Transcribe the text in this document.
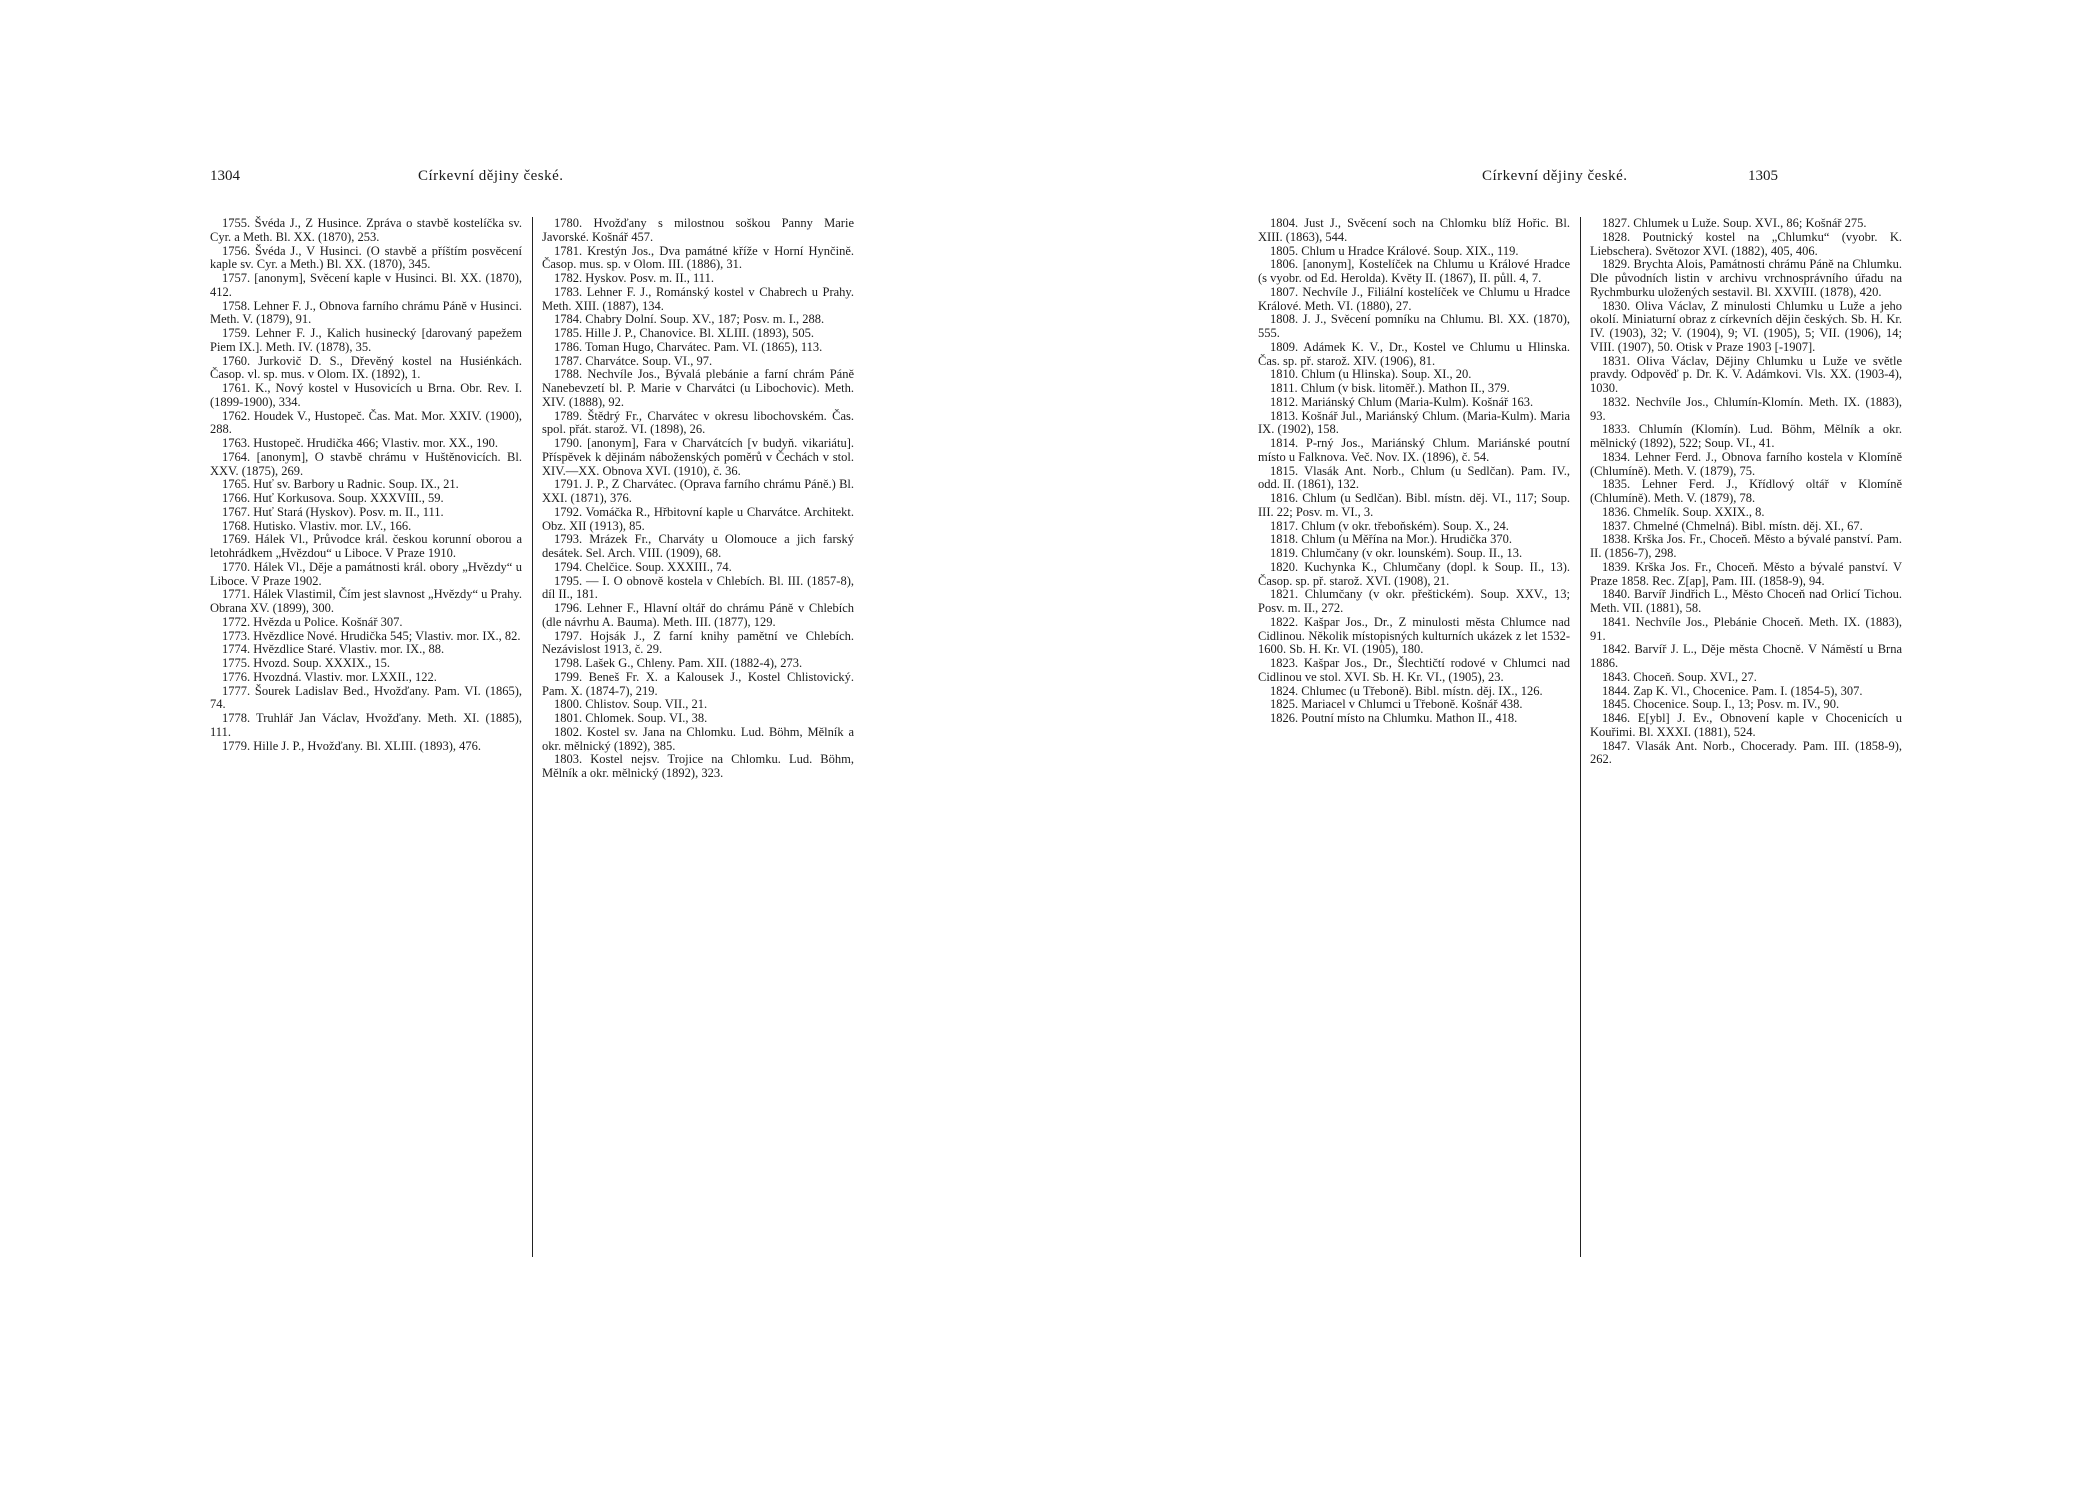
1304	Církevní dějiny české.

1755. Švéda J., Z Husince. Zpráva o stavbě kostelíčka sv. Cyr. a Meth. Bl. XX. (1870), 253.

1756. Švéda J., V Husinci. (O stavbě a příštím posvěcení kaple sv. Cyr. a Meth.) Bl. XX. (1870), 345.

1757. [anonym], Svěcení kaple v Husinci. Bl. XX. (1870), 412.

1758. Lehner F. J., Obnova farního chrámu Páně v Husinci. Meth. V. (1879), 91.

1759. Lehner F. J., Kalich husinecký [darovaný papežem Piem IX.]. Meth. IV. (1878), 35.

1760. Jurkovič D. S., Dřevěný kostel na Husiénkách. Časop. vl. sp. mus. v Olom. IX. (1892), 1.

1761. K., Nový kostel v Husovicích u Brna. Obr. Rev. I. (1899-1900), 334.

1762. Houdek V., Hustopeč. Čas. Mat. Mor. XXIV. (1900), 288.

1763. Hustopeč. Hrudička 466; Vlastiv. mor. XX., 190.

1764. [anonym], O stavbě chrámu v Huštěnovicích. Bl. XXV. (1875), 269.

1765. Huť sv. Barbory u Radnic. Soup. IX., 21.

1766. Huť Korkusova. Soup. XXXVIII., 59.

1767. Huť Stará (Hyskov). Posv. m. II., 111.

1768. Hutisko. Vlastiv. mor. LV., 166.

1769. Hálek Vl., Průvodce král. českou korunní oborou a letohrádkem „Hvězdou“ u Liboce. V Praze 1910.

1770. Hálek Vl., Děje a památnosti král. obory „Hvězdy“ u Liboce. V Praze 1902.

1771. Hálek Vlastimil, Čím jest slavnost „Hvězdy“ u Prahy. Obrana XV. (1899), 300.

1772. Hvězda u Police. Košnář 307.

1773. Hvězdlice Nové. Hrudička 545; Vlastiv. mor. IX., 82.

1774. Hvězdlice Staré. Vlastiv. mor. IX., 88.

1775. Hvozd. Soup. XXXIX., 15.

1776. Hvozdná. Vlastiv. mor. LXXII., 122.

1777. Šourek Ladislav Bed., Hvožďany. Pam. VI. (1865), 74.

1778. Truhlář Jan Václav, Hvožďany. Meth. XI. (1885), 111.

1779. Hille J. P., Hvožďany. Bl. XLIII. (1893), 476.

1780. Hvožďany s milostnou soškou Panny Marie Javorské. Košnář 457.

1781. Krestýn Jos., Dva památné kříže v Horní Hynčině. Časop. mus. sp. v Olom. III. (1886), 31.

1782. Hyskov. Posv. m. II., 111.

1783. Lehner F. J., Románský kostel v Chabrech u Prahy. Meth. XIII. (1887), 134.

1784. Chabry Dolní. Soup. XV., 187; Posv. m. I., 288.

1785. Hille J. P., Chanovice. Bl. XLIII. (1893), 505.

1786. Toman Hugo, Charvátec. Pam. VI. (1865), 113.

1787. Charvátce. Soup. VI., 97.

1788. Nechvíle Jos., Bývalá plebánie a farní chrám Páně Nanebevzetí bl. P. Marie v Charvátci (u Libochovic). Meth. XIV. (1888), 92.

1789. Štědrý Fr., Charvátec v okresu libochovském. Čas. spol. přát. starož. VI. (1898), 26.

1790. [anonym], Fara v Charvátcích [v budyň. vikariátu]. Příspěvek k dějinám náboženských poměrů v Čechách v stol. XIV.—XX. Obnova XVI. (1910), č. 36.

1791. J. P., Z Charvátec. (Oprava farního chrámu Páně.) Bl. XXI. (1871), 376.

1792. Vomáčka R., Hřbitovní kaple u Charvátce. Architekt. Obz. XII (1913), 85.

1793. Mrázek Fr., Charváty u Olomouce a jich farský desátek. Sel. Arch. VIII. (1909), 68.

1794. Chelčice. Soup. XXXIII., 74.

1795. — I. O obnově kostela v Chlebích. Bl. III. (1857-8), díl II., 181.

1796. Lehner F., Hlavní oltář do chrámu Páně v Chlebích (dle návrhu A. Bauma). Meth. III. (1877), 129.

1797. Hojsák J., Z farní knihy pamětní ve Chlebích. Nezávislost 1913, č. 29.

1798. Lašek G., Chleny. Pam. XII. (1882-4), 273.

1799. Beneš Fr. X. a Kalousek J., Kostel Chlistovický. Pam. X. (1874-7), 219.

1800. Chlistov. Soup. VII., 21.

1801. Chlomek. Soup. VI., 38.

1802. Kostel sv. Jana na Chlomku. Lud. Böhm, Mělník a okr. mělnický (1892), 385.

1803. Kostel nejsv. Trojice na Chlomku. Lud. Böhm, Mělník a okr. mělnický (1892), 323.

Církevní dějiny české.	1305

1804. Just J., Svěcení soch na Chlomku blíž Hořic. Bl. XIII. (1863), 544.

1805. Chlum u Hradce Králové. Soup. XIX., 119.

1806. [anonym], Kostelíček na Chlumu u Králové Hradce (s vyobr. od Ed. Herolda). Květy II. (1867), II. půll. 4, 7.

1807. Nechvíle J., Filiální kostelíček ve Chlumu u Hradce Králové. Meth. VI. (1880), 27.

1808. J. J., Svěcení pomníku na Chlumu. Bl. XX. (1870), 555.

1809. Adámek K. V., Dr., Kostel ve Chlumu u Hlinska. Čas. sp. př. starož. XIV. (1906), 81.

1810. Chlum (u Hlinska). Soup. XI., 20.

1811. Chlum (v bisk. litoměř.). Mathon II., 379.

1812. Mariánský Chlum (Maria-Kulm). Košnář 163.

1813. Košnář Jul., Mariánský Chlum. (Maria-Kulm). Maria IX. (1902), 158.

1814. P-rný Jos., Mariánský Chlum. Mariánské poutní místo u Falknova. Več. Nov. IX. (1896), č. 54.

1815. Vlasák Ant. Norb., Chlum (u Sedlčan). Pam. IV., odd. II. (1861), 132.

1816. Chlum (u Sedlčan). Bibl. místn. děj. VI., 117; Soup. III. 22; Posv. m. VI., 3.

1817. Chlum (v okr. třeboňském). Soup. X., 24.

1818. Chlum (u Měřína na Mor.). Hrudička 370.

1819. Chlumčany (v okr. lounském). Soup. II., 13.

1820. Kuchynka K., Chlumčany (dopl. k Soup. II., 13). Časop. sp. př. starož. XVI. (1908), 21.

1821. Chlumčany (v okr. přeštickém). Soup. XXV., 13; Posv. m. II., 272.

1822. Kašpar Jos., Dr., Z minulosti města Chlumce nad Cidlinou. Několik místopisných kulturních ukázek z let 1532-1600. Sb. H. Kr. VI. (1905), 180.

1823. Kašpar Jos., Dr., Šlechtičtí rodové v Chlumci nad Cidlinou ve stol. XVI. Sb. H. Kr. VI., (1905), 23.

1824. Chlumec (u Třeboně). Bibl. místn. děj. IX., 126.

1825. Mariacel v Chlumci u Třeboně. Košnář 438.

1826. Poutní místo na Chlumku. Mathon II., 418.

1827. Chlumek u Luže. Soup. XVI., 86; Košnář 275.

1828. Poutnický kostel na „Chlumku“ (vyobr. K. Liebschera). Světozor XVI. (1882), 405, 406.

1829. Brychta Alois, Památnosti chrámu Páně na Chlumku. Dle původních listin v archivu vrchnosprávního úřadu na Rychmburku uložených sestavil. Bl. XXVIII. (1878), 420.

1830. Oliva Václav, Z minulosti Chlumku u Luže a jeho okolí. Miniaturní obraz z církevních dějin českých. Sb. H. Kr. IV. (1903), 32; V. (1904), 9; VI. (1905), 5; VII. (1906), 14; VIII. (1907), 50. Otisk v Praze 1903 [-1907].

1831. Oliva Václav, Dějiny Chlumku u Luže ve světle pravdy. Odpověď p. Dr. K. V. Adámkovi. Vls. XX. (1903-4), 1030.

1832. Nechvíle Jos., Chlumín-Klomín. Meth. IX. (1883), 93.

1833. Chlumín (Klomín). Lud. Böhm, Mělník a okr. mělnický (1892), 522; Soup. VI., 41.

1834. Lehner Ferd. J., Obnova farního kostela v Klomíně (Chlumíně). Meth. V. (1879), 75.

1835. Lehner Ferd. J., Křídlový oltář v Klomíně (Chlumíně). Meth. V. (1879), 78.

1836. Chmelík. Soup. XXIX., 8.

1837. Chmelné (Chmelná). Bibl. místn. děj. XI., 67.

1838. Krška Jos. Fr., Choceň. Město a bývalé panství. Pam. II. (1856-7), 298.

1839. Krška Jos. Fr., Choceň. Město a bývalé panství. V Praze 1858. Rec. Z[ap], Pam. III. (1858-9), 94.

1840. Barvíř Jindřich L., Město Choceň nad Orlicí Tichou. Meth. VII. (1881), 58.

1841. Nechvíle Jos., Plebánie Choceň. Meth. IX. (1883), 91.

1842. Barvíř J. L., Děje města Chocně. V Náměstí u Brna 1886.

1843. Choceň. Soup. XVI., 27.

1844. Zap K. Vl., Chocenice. Pam. I. (1854-5), 307.

1845. Chocenice. Soup. I., 13; Posv. m. IV., 90.

1846. E[ybl] J. Ev., Obnovení kaple v Chocenicích u Kouřimi. Bl. XXXI. (1881), 524.

1847. Vlasák Ant. Norb., Chocerady. Pam. III. (1858-9), 262.
